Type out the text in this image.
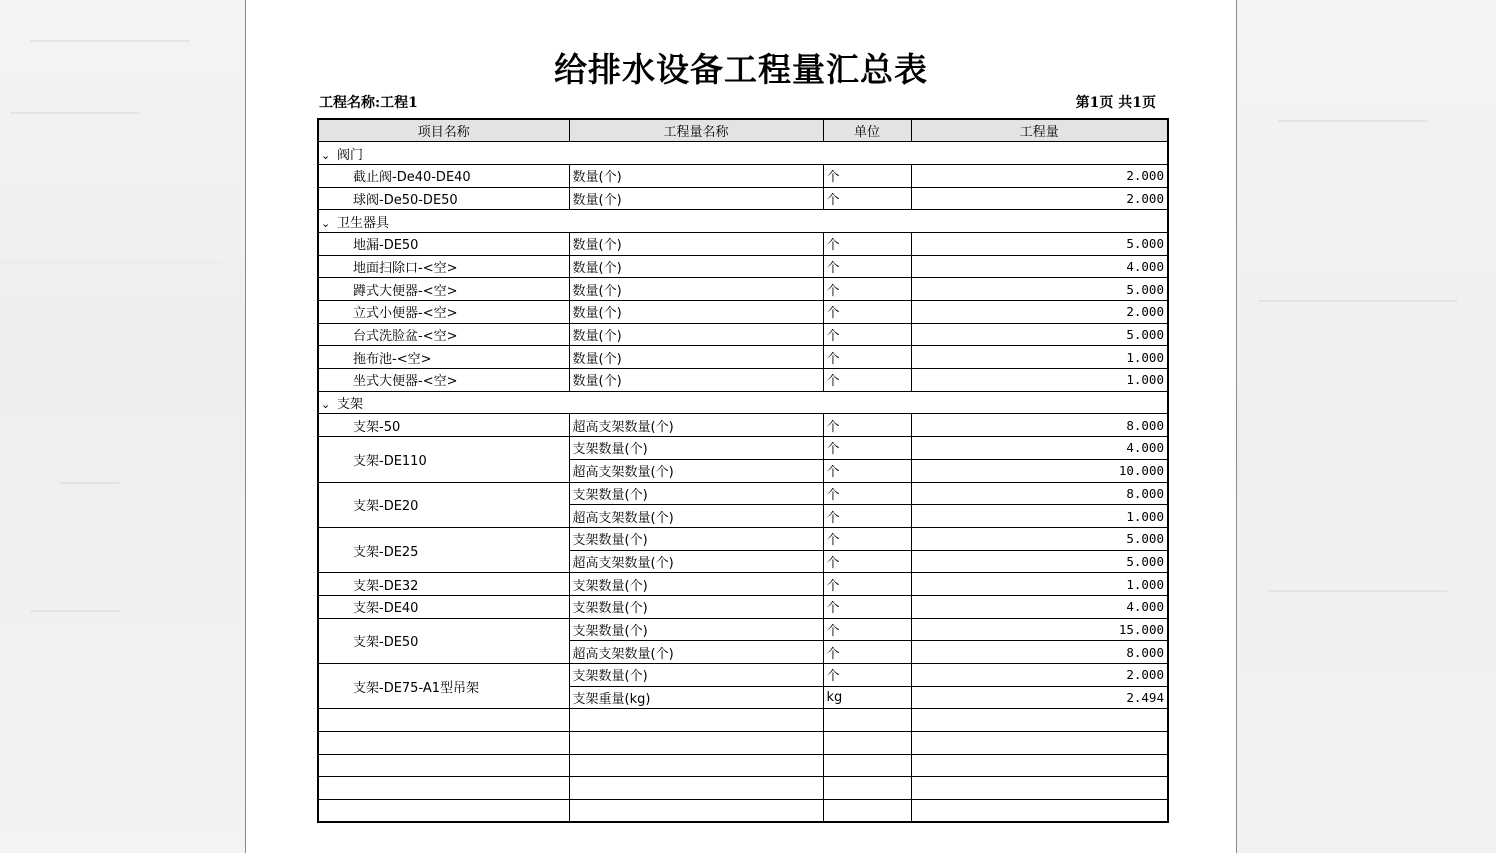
给排水设备工程量汇总表
工程名称:工程1	第1页 共1页
项目名称	工程量名称	单位	工程量
⌄ 阀门			
截止阀-De40-DE40	数量(个)	个	2.000
球阀-De50-DE50	数量(个)	个	2.000
⌄ 卫生器具			
地漏-DE50	数量(个)	个	5.000
地面扫除口-<空>	数量(个)	个	4.000
蹲式大便器-<空>	数量(个)	个	5.000
立式小便器-<空>	数量(个)	个	2.000
台式洗脸盆-<空>	数量(个)	个	5.000
拖布池-<空>	数量(个)	个	1.000
坐式大便器-<空>	数量(个)	个	1.000
⌄ 支架			
支架-50	超高支架数量(个)	个	8.000
支架-DE110	支架数量(个)	个	4.000
	超高支架数量(个)	个	10.000
支架-DE20	支架数量(个)	个	8.000
	超高支架数量(个)	个	1.000
支架-DE25	支架数量(个)	个	5.000
	超高支架数量(个)	个	5.000
支架-DE32	支架数量(个)	个	1.000
支架-DE40	支架数量(个)	个	4.000
支架-DE50	支架数量(个)	个	15.000
	超高支架数量(个)	个	8.000
支架-DE75-A1型吊架	支架数量(个)	个	2.000
	支架重量(kg)	kg	2.494
